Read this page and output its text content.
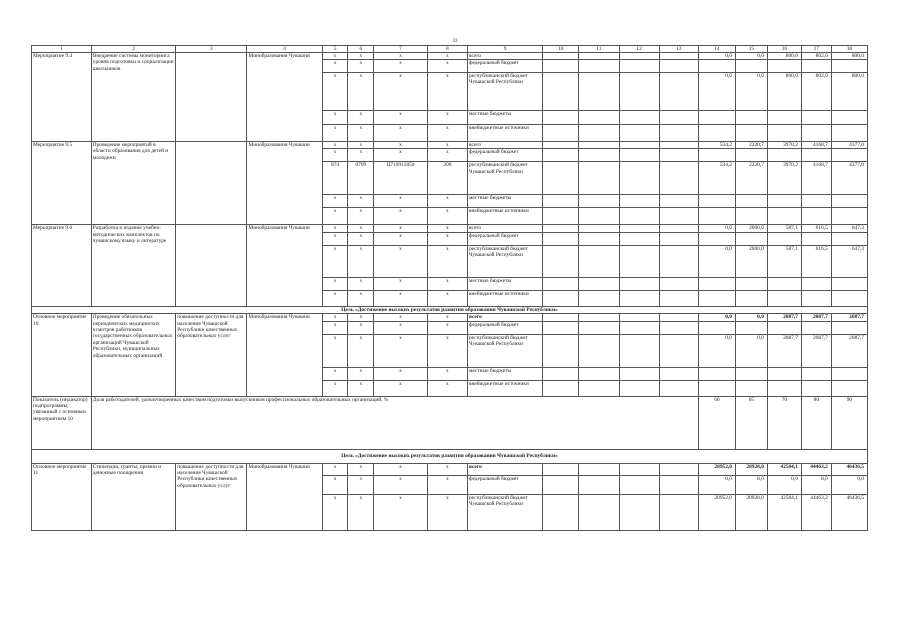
33
1	2	3	4	5	6	7	8	9	10	11	12	13	14	15	16	17	18
Мероприятие 9.4	Внедрение системы мониторинга уровня подготовки и социализации школьников		Минобразования Чувашии	x	x	x	x	всего					0,0	0,0	800,0	802,0	800,0
				x	x	x	x	федеральный бюджет									
				x	x	x	x	республиканский бюджет Чувашской Республики					0,0	0,0	800,0	802,0	800,0
				x	x	x	x	местные бюджеты									
				x	x	x	x	внебюджетные источники									
Мероприятие 9.5	Проведение мероприятий в области образования для детей и молодежи		Минобразования Чувашии	x	x	x	x	всего					534,2	2220,7	3970,2	4168,7	4377,0
				x	x	x	x	федеральный бюджет									
				874	0709	Ц710911850	200	республиканский бюджет Чувашской Республики					534,2	2220,7	3970,2	4168,7	4377,0
				x	x	x	x	местные бюджеты									
				x	x	x	x	внебюджетные источники									
Мероприятие 9.6	Разработка и издание учебно-методических комплектов по чувашскому языку и литературе		Минобразования Чувашии	x	x	x	x	всего					0,0	2000,0	587,1	616,5	647,3
				x	x	x	x	федеральный бюджет									
				x	x	x	x	республиканский бюджет Чувашской Республики					0,0	2000,0	587,1	616,5	647,3
				x	x	x	x	местные бюджеты									
				x	x	x	x	внебюджетные источники									
Цель «Достижение высоких результатов развития образования Чувашской Республики»																	
Основное мероприятие 10	Проведение обязательных периодических медицинских осмотров работников государственных образовательных организаций Чувашской Республики, муниципальных образовательных организаций	повышение доступности для населения Чувашской Республики качественных образовательных услуг	Минобразования Чувашии	x	x	x	x	всего					0,0	0,0	2087,7	2087,7	2087,7
				x	x	x	x	федеральный бюджет									
				x	x	x	x	республиканский бюджет Чувашской Республики					0,0	0,0	2087,7	2087,7	2087,7
				x	x	x	x	местные бюджеты									
				x	x	x	x	внебюджетные источники									
Показатель (индикатор) подпрограммы, увязанный с основным мероприятием 10	Доля работодателей, удовлетворенных качеством подготовки выпускников профессиональных образовательных организаций, %												60	65	70	80	90
Цель «Достижение высоких результатов развития образования Чувашской Республики»																	
Основное мероприятие 11	Стипендии, гранты, премии и денежные поощрения	повышение доступности для населения Чувашской Республики качественных образовательных услуг	Минобразования Чувашии	x	x	x	x	всего					28952,0	28928,0	42584,1	44463,2	46436,5
				x	x	x	x	федеральный бюджет					0,0	0,0	0,0	0,0	0,0
				x	x	x	x	республиканский бюджет Чувашской Республики					28952,0	28928,0	42584,1	44463,2	46436,5
